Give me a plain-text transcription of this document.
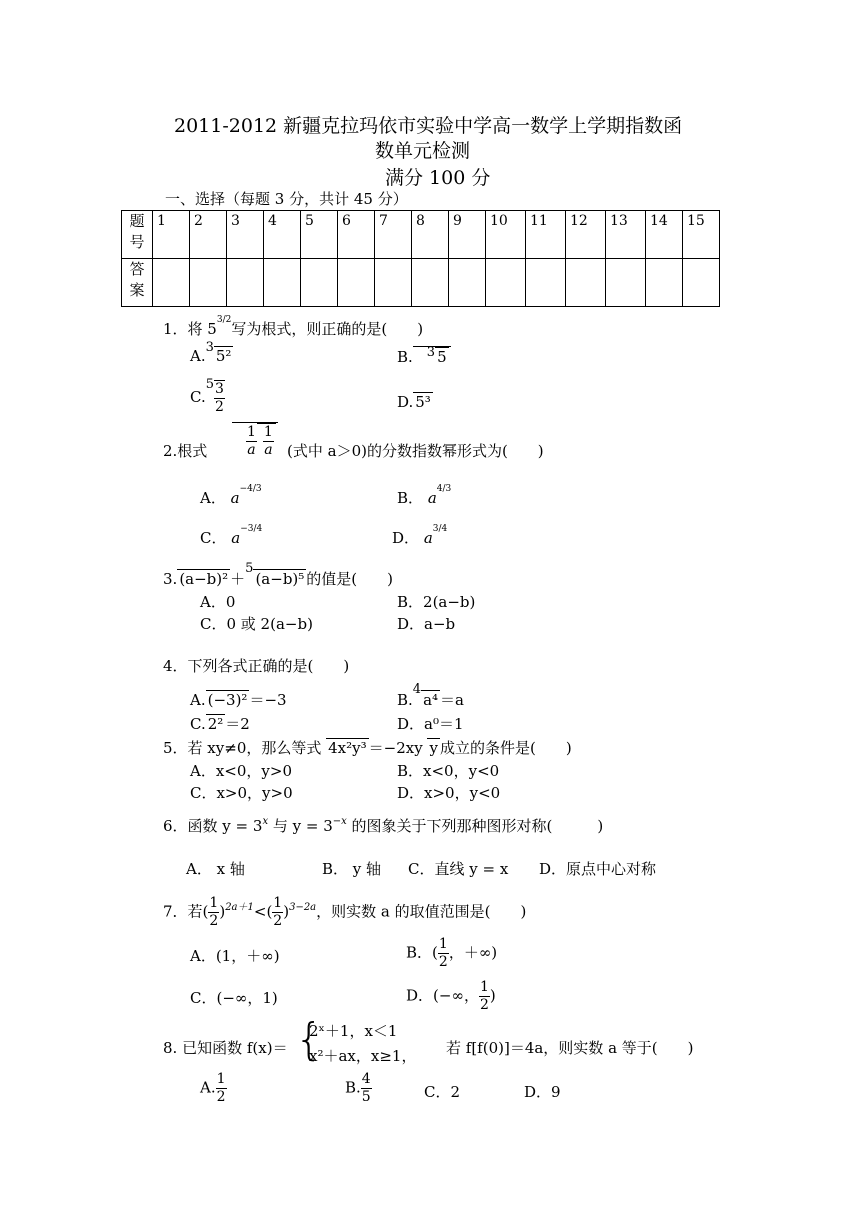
2011-2012 新疆克拉玛依市实验中学高一数学上学期指数函
数单元检测
满分 100 分
一、选择（每题 3 分，共计 45 分）
题
号	1	2	3	4	5	6	7	8	9	10	11	12	13	14	15
答
案															
1．将 $5^{3/2}$写为根式，则正确的是(　　)
A.3 5²	B. 3 5
$C.5 \frac{3}{2}$	D. 5³
2.根式	$\frac{1}{a} \frac{1}{a}$ (式中 a＞0)的分数指数幂形式为(　　)
A． $a^{-4/3}$	B． $a^{4/3}$
C． $a^{-3/4}$	D． $a^{3/4}$
3. (a−b)² ＋5(a−b)⁵ 的值是(　　)
A．0	B．2(a−b)
C．0 或 2(a−b)	D．a−b
4．下列各式正确的是(　　)
A. (−3)² ＝−3	B.4a⁴ ＝a
C. 2² ＝2	D．a⁰＝1
5．若 xy≠0，那么等式 4x²y³ ＝−2xy y 成立的条件是(　　)
A．x<0，y>0	B．x<0，y<0
C．x>0，y>0	D．x>0，y<0
6．函数 $y = 3^x$ 与 $y = 3^{-x}$ 的图象关于下列那种图形对称(　　　)
A． x 轴	B． y 轴 C．直线 y = x D．原点中心对称
7．若( $\frac{1}{2} )^{2a+1}<( \frac{1}{2} )^{3-2a}$，则实数 a 的取值范围是(　　)
A．(1，＋∞)	B．( $\frac{1}{2}$ ，＋∞)
C．(−∞，1)	D．(−∞， $\frac{1}{2}$ )
8. 已知函数 f(x)＝ {
2ˣ＋1，x＜1
x²＋ax，x≥1， 若 f[f(0)]＝4a，则实数 a 等于(　　)
A. $\frac{1}{2}$	B. $\frac{4}{5}$	C．2	D．9
